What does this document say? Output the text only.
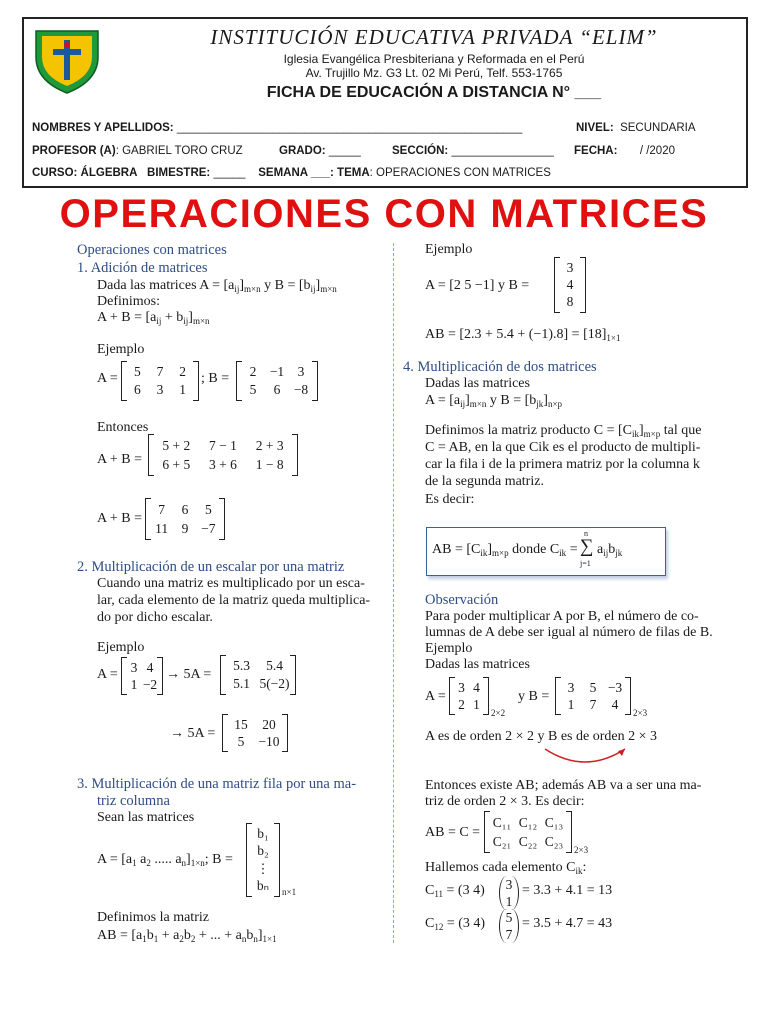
INSTITUCIÓN EDUCATIVA PRIVADA “ELIM”
Iglesia Evangélica Presbiteriana y Reformada en el Perú
Av. Trujillo Mz. G3 Lt. 02 Mi Perú, Telf. 553-1765
FICHA DE EDUCACIÓN A DISTANCIA N° ___
NOMBRES Y APELLIDOS: ______________________________________________________	NIVEL: SECUNDARIA
PROFESOR (A): GABRIEL TORO CRUZ	GRADO: _____	SECCIÓN: ________________ FECHA: / /2020
CURSO: ÁLGEBRA BIMESTRE: _____ SEMANA ___: TEMA: OPERACIONES CON MATRICES
OPERACIONES CON MATRICES
Operaciones con matrices
1. Adición de matrices
Dada las matrices $A = [a_{ij}]_{m\times n}$ y $B = [b_{ij}]_{m\times n}$
Definimos:
$A + B = [a_{ij} + b_{ij}]_{m\times n}$
Ejemplo
A = 5 7 2
6 3 1
; B = 2 −1 3
5 6 −8
Entonces
A + B =
5 + 2 7 − 1 2 + 3
6 + 5 3 + 6 1 − 8
A + B =
7 6 5
11 9 −7
2. Multiplicación de un escalar por una matriz
Cuando una matriz es multiplicado por un esca-
lar, cada elemento de la matriz queda multiplica-
do por dicho escalar.
Ejemplo
A = 3 4
1 −2
→ 5A =
5.3 5.4
5.1 5(−2)
→ 5A =
15 20
5 −10
3. Multiplicación de una matriz fila por una ma-
triz columna
Sean las matrices
$A = [a_1$ $a_2$ ..... $a_n]_{1\times n}$; B =
b₁
b₂
⋮
bₙ n×1
Definimos la matriz
AB = [$a_1b_1 + a_2b_2$ + ... + $a_nb_n]_{1\times 1}$
Ejemplo
A = [2 5 −1] y B =
3
4
8
AB = $[2.3 + 5.4 + (-1).8] = [18]_{1\times 1}$
4. Multiplicación de dos matrices
Dadas las matrices
$A = [a_{ij}]_{m\times n}$ y $B = [b_{jk}]_{n\times p}$
Definimos la matriz producto $C = [C_{ik}]_{m\times p}$ tal que
C = AB, en la que Cik es el producto de multipli-
car la fila i de la primera matriz por la columna k
de la segunda matriz.
Es decir:
AB = $[C_{ik}]_{m\times p}$ donde $C_{ik}$ =
n
∑
j=1
$a_{ij}b_{jk}$
Observación
Para poder multiplicar A por B, el número de co-
lumnas de A debe ser igual al número de filas de B.
Ejemplo
Dadas las matrices
A =
3 4
2 1
2×2
y B =
3 5 −3
1 7 4
2×3
A es de orden 2 × 2 y B es de orden 2 × 3
Entonces existe AB; además AB va a ser una ma-
triz de orden 2 × 3. Es decir:
AB = C =
C₁₁ C₁₂ C₁₃
C₂₁ C₂₂ C₂₃
2×3
Hallemos cada elemento $C_{ik}$:
$C_{11} = (3$ 4) 3
1
= 3.3 + 4.1 = 13
$C_{12} = (3$ 4) 5
7
= 3.5 + 4.7 = 43
